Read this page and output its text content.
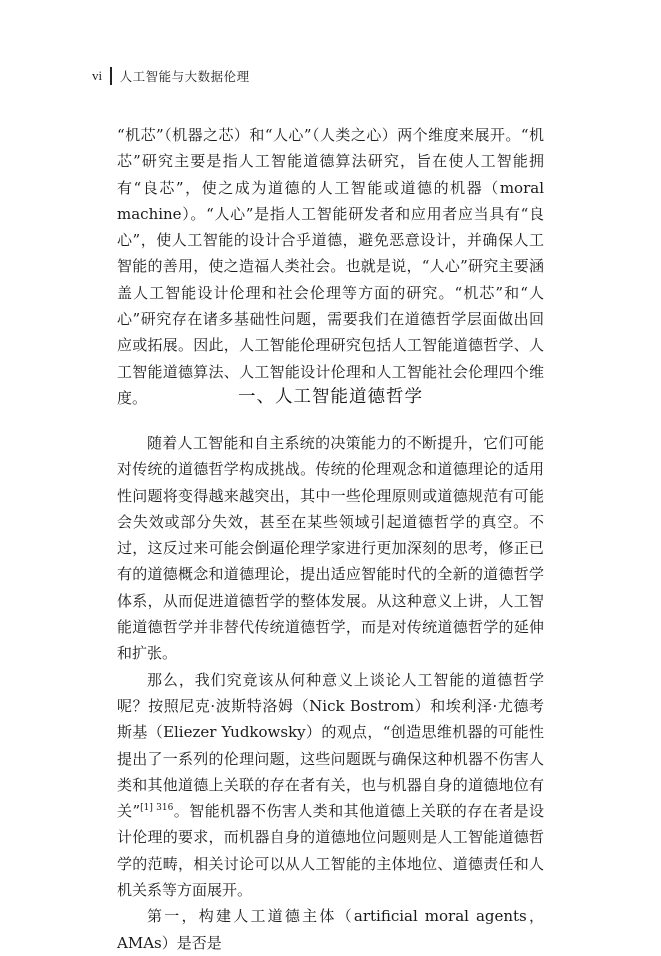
vi 人工智能与大数据伦理

“机芯”（机器之芯）和“人心”（人类之心）两个维度来展开。“机芯”研究主要是指人工智能道德算法研究，旨在使人工智能拥有“良芯”，使之成为道德的人工智能或道德的机器（moral machine）。“人心”是指人工智能研发者和应用者应当具有“良心”，使人工智能的设计合乎道德，避免恶意设计，并确保人工智能的善用，使之造福人类社会。也就是说，“人心”研究主要涵盖人工智能设计伦理和社会伦理等方面的研究。“机芯”和“人心”研究存在诸多基础性问题，需要我们在道德哲学层面做出回应或拓展。因此，人工智能伦理研究包括人工智能道德哲学、人工智能道德算法、人工智能设计伦理和人工智能社会伦理四个维度。	一、人工智能道德哲学

随着人工智能和自主系统的决策能力的不断提升，它们可能对传统的道德哲学构成挑战。传统的伦理观念和道德理论的适用性问题将变得越来越突出，其中一些伦理原则或道德规范有可能会失效或部分失效，甚至在某些领域引起道德哲学的真空。不过，这反过来可能会倒逼伦理学家进行更加深刻的思考，修正已有的道德概念和道德理论，提出适应智能时代的全新的道德哲学体系，从而促进道德哲学的整体发展。从这种意义上讲，人工智能道德哲学并非替代传统道德哲学，而是对传统道德哲学的延伸和扩张。

那么，我们究竟该从何种意义上谈论人工智能的道德哲学呢？按照尼克·波斯特洛姆（Nick Bostrom）和埃利泽·尤德考斯基（Eliezer Yudkowsky）的观点，“创造思维机器的可能性提出了一系列的伦理问题，这些问题既与确保这种机器不伤害人类和其他道德上关联的存在者有关，也与机器自身的道德地位有关”$^{[1] 316}$。智能机器不伤害人类和其他道德上关联的存在者是设计伦理的要求，而机器自身的道德地位问题则是人工智能道德哲学的范畴，相关讨论可以从人工智能的主体地位、道德责任和人机关系等方面展开。

第一，构建人工道德主体（artificial moral agents，AMAs）是否是
